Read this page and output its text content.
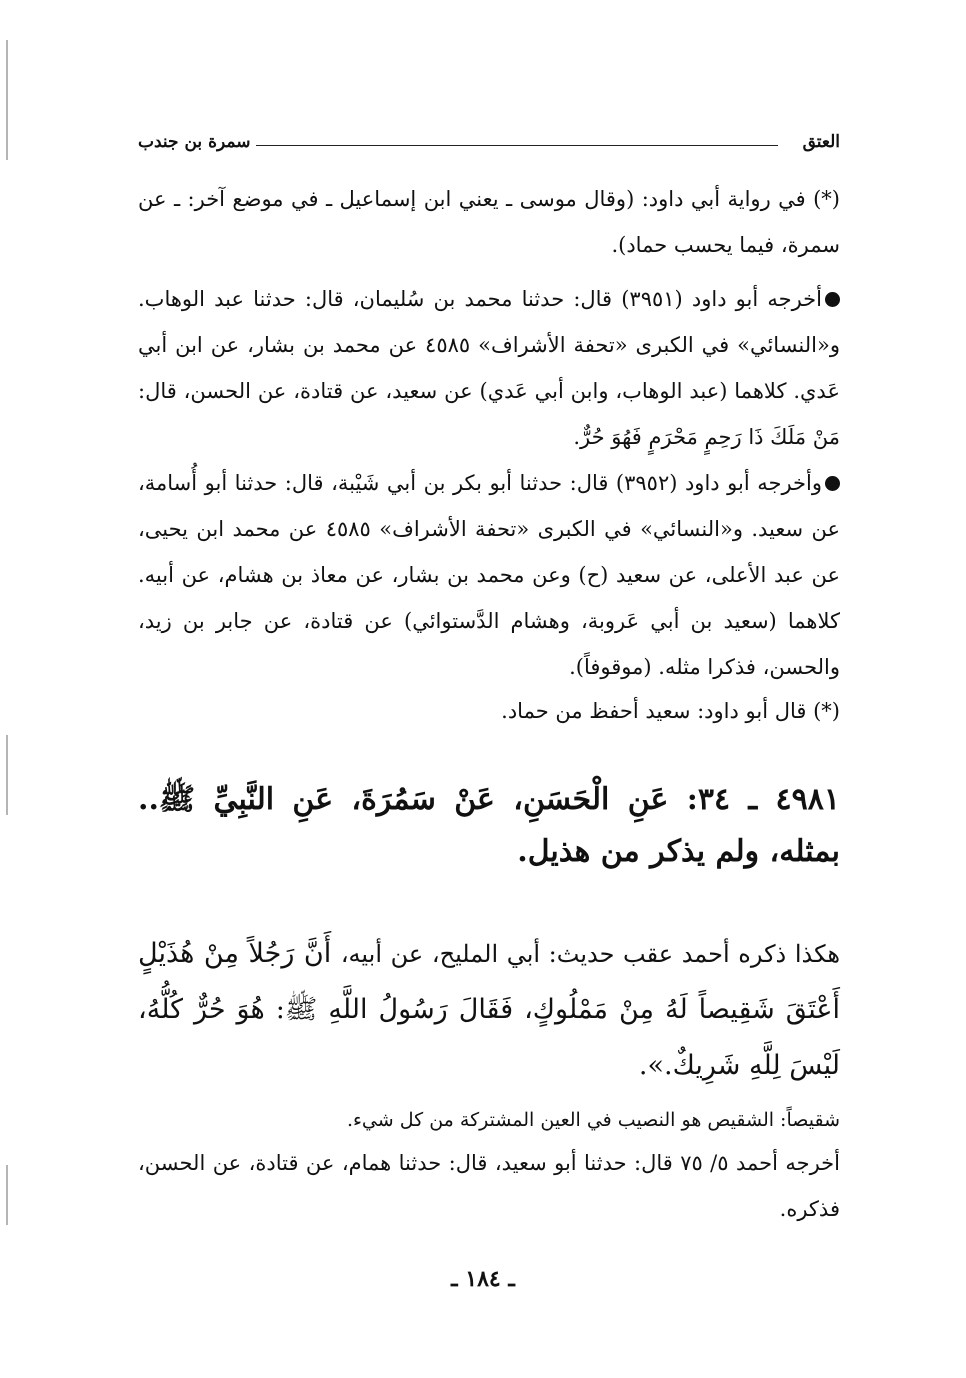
العتق
سمرة بن جندب
(*) في رواية أبي داود: (وقال موسى ـ يعني ابن إسماعيل ـ في موضع آخر: ـ عن سمرة، فيما يحسب حماد).
أخرجه أبو داود (٣٩٥١) قال: حدثنا محمد بن سُليمان، قال: حدثنا عبد الوهاب. و«النسائي» في الكبرى «تحفة الأشراف» ٤٥٨٥ عن محمد بن بشار، عن ابن أبي عَدي. كلاهما (عبد الوهاب، وابن أبي عَدي) عن سعيد، عن قتادة، عن الحسن، قال: مَنْ مَلَكَ ذَا رَحِمٍ مَحْرَمٍ فَهُوَ حُرٌّ.
وأخرجه أبو داود (٣٩٥٢) قال: حدثنا أبو بكر بن أبي شَيْبة، قال: حدثنا أبو أُسامة، عن سعيد. و«النسائي» في الكبرى «تحفة الأشراف» ٤٥٨٥ عن محمد ابن يحيى، عن عبد الأعلى، عن سعيد (ح) وعن محمد بن بشار، عن معاذ بن هشام، عن أبيه. كلاهما (سعيد بن أبي عَروبة، وهشام الدَّستوائي) عن قتادة، عن جابر بن زيد، والحسن، فذكرا مثله. (موقوفاً).
(*) قال أبو داود: سعيد أحفظ من حماد.
٤٩٨١ ـ ٣٤: عَنِ الْحَسَنِ، عَنْ سَمُرَةَ، عَنِ النَّبِيِّ ﷺ.. بمثله، ولم يذكر من هذيل.
هكذا ذكره أحمد عقب حديث: أبي المليح، عن أبيه، أَنَّ رَجُلاً مِنْ هُذَيْلٍ أَعْتَقَ شَقِيصاً لَهُ مِنْ مَمْلُوكٍ، فَقَالَ رَسُولُ اللَّهِ ﷺ: هُوَ حُرٌّ كُلُّهُ، لَيْسَ لِلَّهِ شَرِيكٌ.».
شقيصاً: الشقيص هو النصيب في العين المشتركة من كل شيء.
أخرجه أحمد ٥/ ٧٥ قال: حدثنا أبو سعيد، قال: حدثنا همام، عن قتادة، عن الحسن، فذكره.
ـ ١٨٤ ـ
